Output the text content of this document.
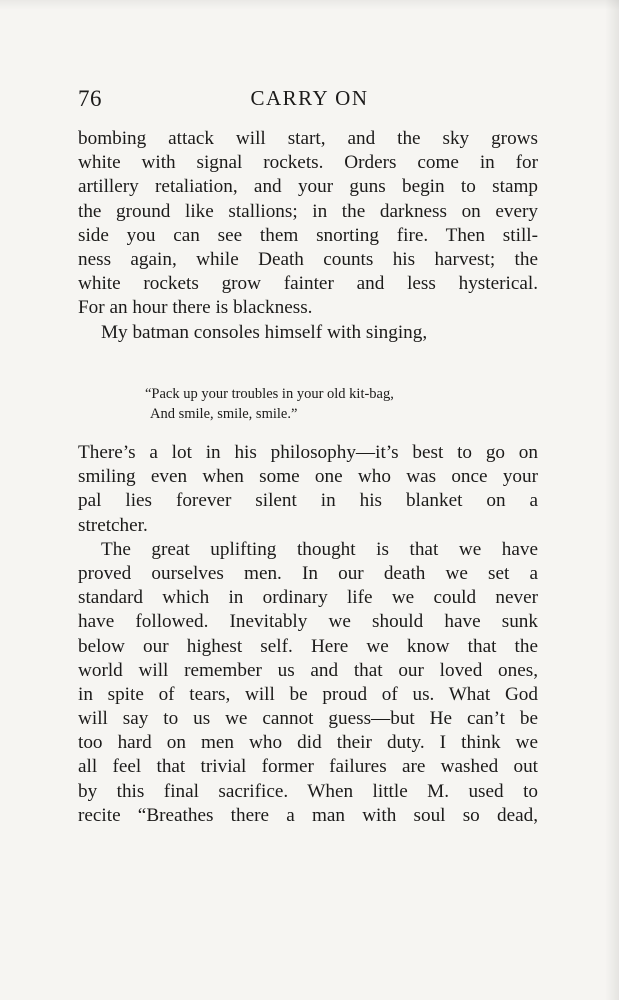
76	CARRY ON
bombing attack will start, and the sky grows
white with signal rockets. Orders come in for
artillery retaliation, and your guns begin to stamp
the ground like stallions; in the darkness on every
side you can see them snorting fire. Then still-
ness again, while Death counts his harvest; the
white rockets grow fainter and less hysterical.
For an hour there is blackness.
My batman consoles himself with singing,
“Pack up your troubles in your old kit-bag,
And smile, smile, smile.”
There’s a lot in his philosophy—it’s best to go on
smiling even when some one who was once your
pal lies forever silent in his blanket on a
stretcher.
The great uplifting thought is that we have
proved ourselves men. In our death we set a
standard which in ordinary life we could never
have followed. Inevitably we should have sunk
below our highest self. Here we know that the
world will remember us and that our loved ones,
in spite of tears, will be proud of us. What God
will say to us we cannot guess—but He can’t be
too hard on men who did their duty. I think we
all feel that trivial former failures are washed out
by this final sacrifice. When little M. used to
recite “Breathes there a man with soul so dead,
